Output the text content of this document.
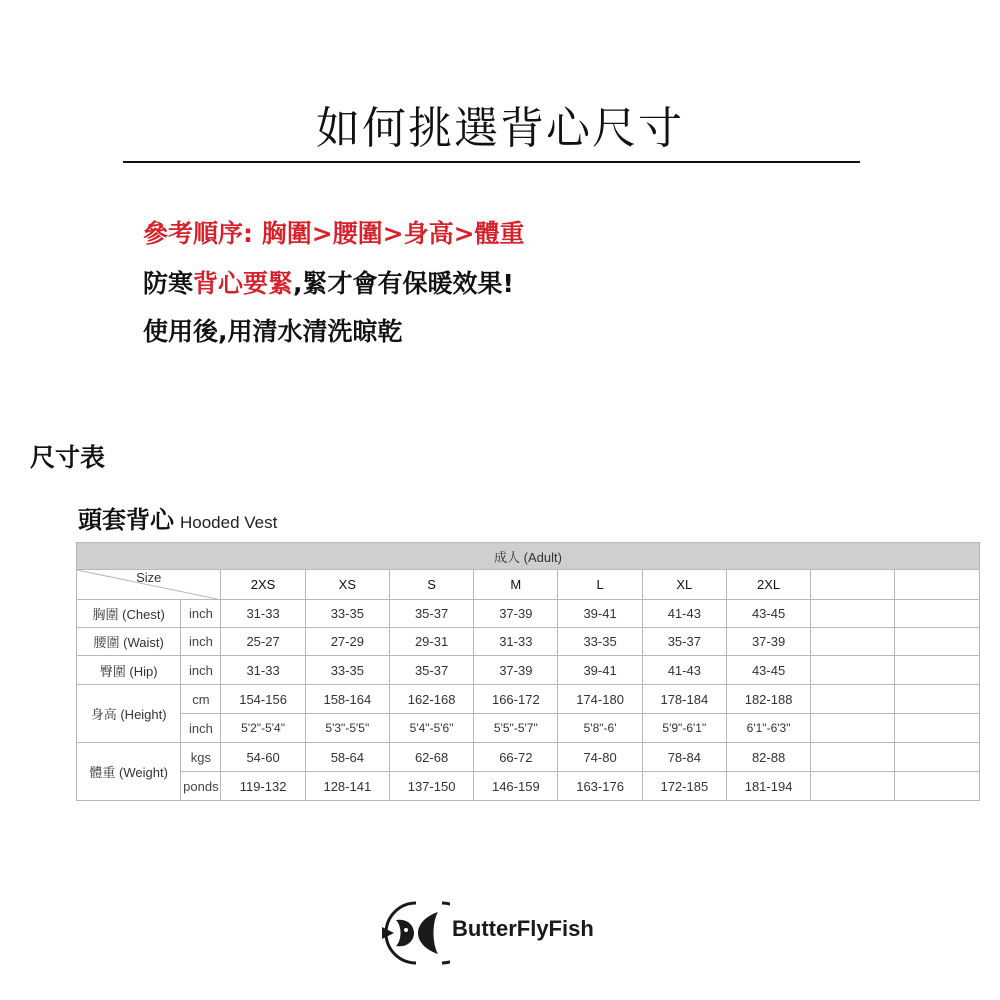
如何挑選背心尺寸
參考順序: 胸圍>腰圍>身高>體重
防寒背心要緊,緊才會有保暖效果!
使用後,用清水清洗晾乾
尺寸表
頭套背心 Hooded Vest
成人 (Adult)										

Size		2XS	XS	S	M	L	XL	2XL		
胸圍 (Chest)	inch	31-33	33-35	35-37	37-39	39-41	41-43	43-45		
腰圍 (Waist)	inch	25-27	27-29	29-31	31-33	33-35	35-37	37-39		
臀圍 (Hip)	inch	31-33	33-35	35-37	37-39	39-41	41-43	43-45		
身高 (Height)	cm	154-156	158-164	162-168	166-172	174-180	178-184	182-188		
	inch	5'2"-5'4"	5'3"-5'5"	5'4"-5'6"	5'5"-5'7"	5'8"-6'	5'9"-6'1"	6'1"-6'3"		
體重 (Weight)	kgs	54-60	58-64	62-68	66-72	74-80	78-84	82-88		
	ponds	119-132	128-141	137-150	146-159	163-176	172-185	181-194		
ButterFlyFish
